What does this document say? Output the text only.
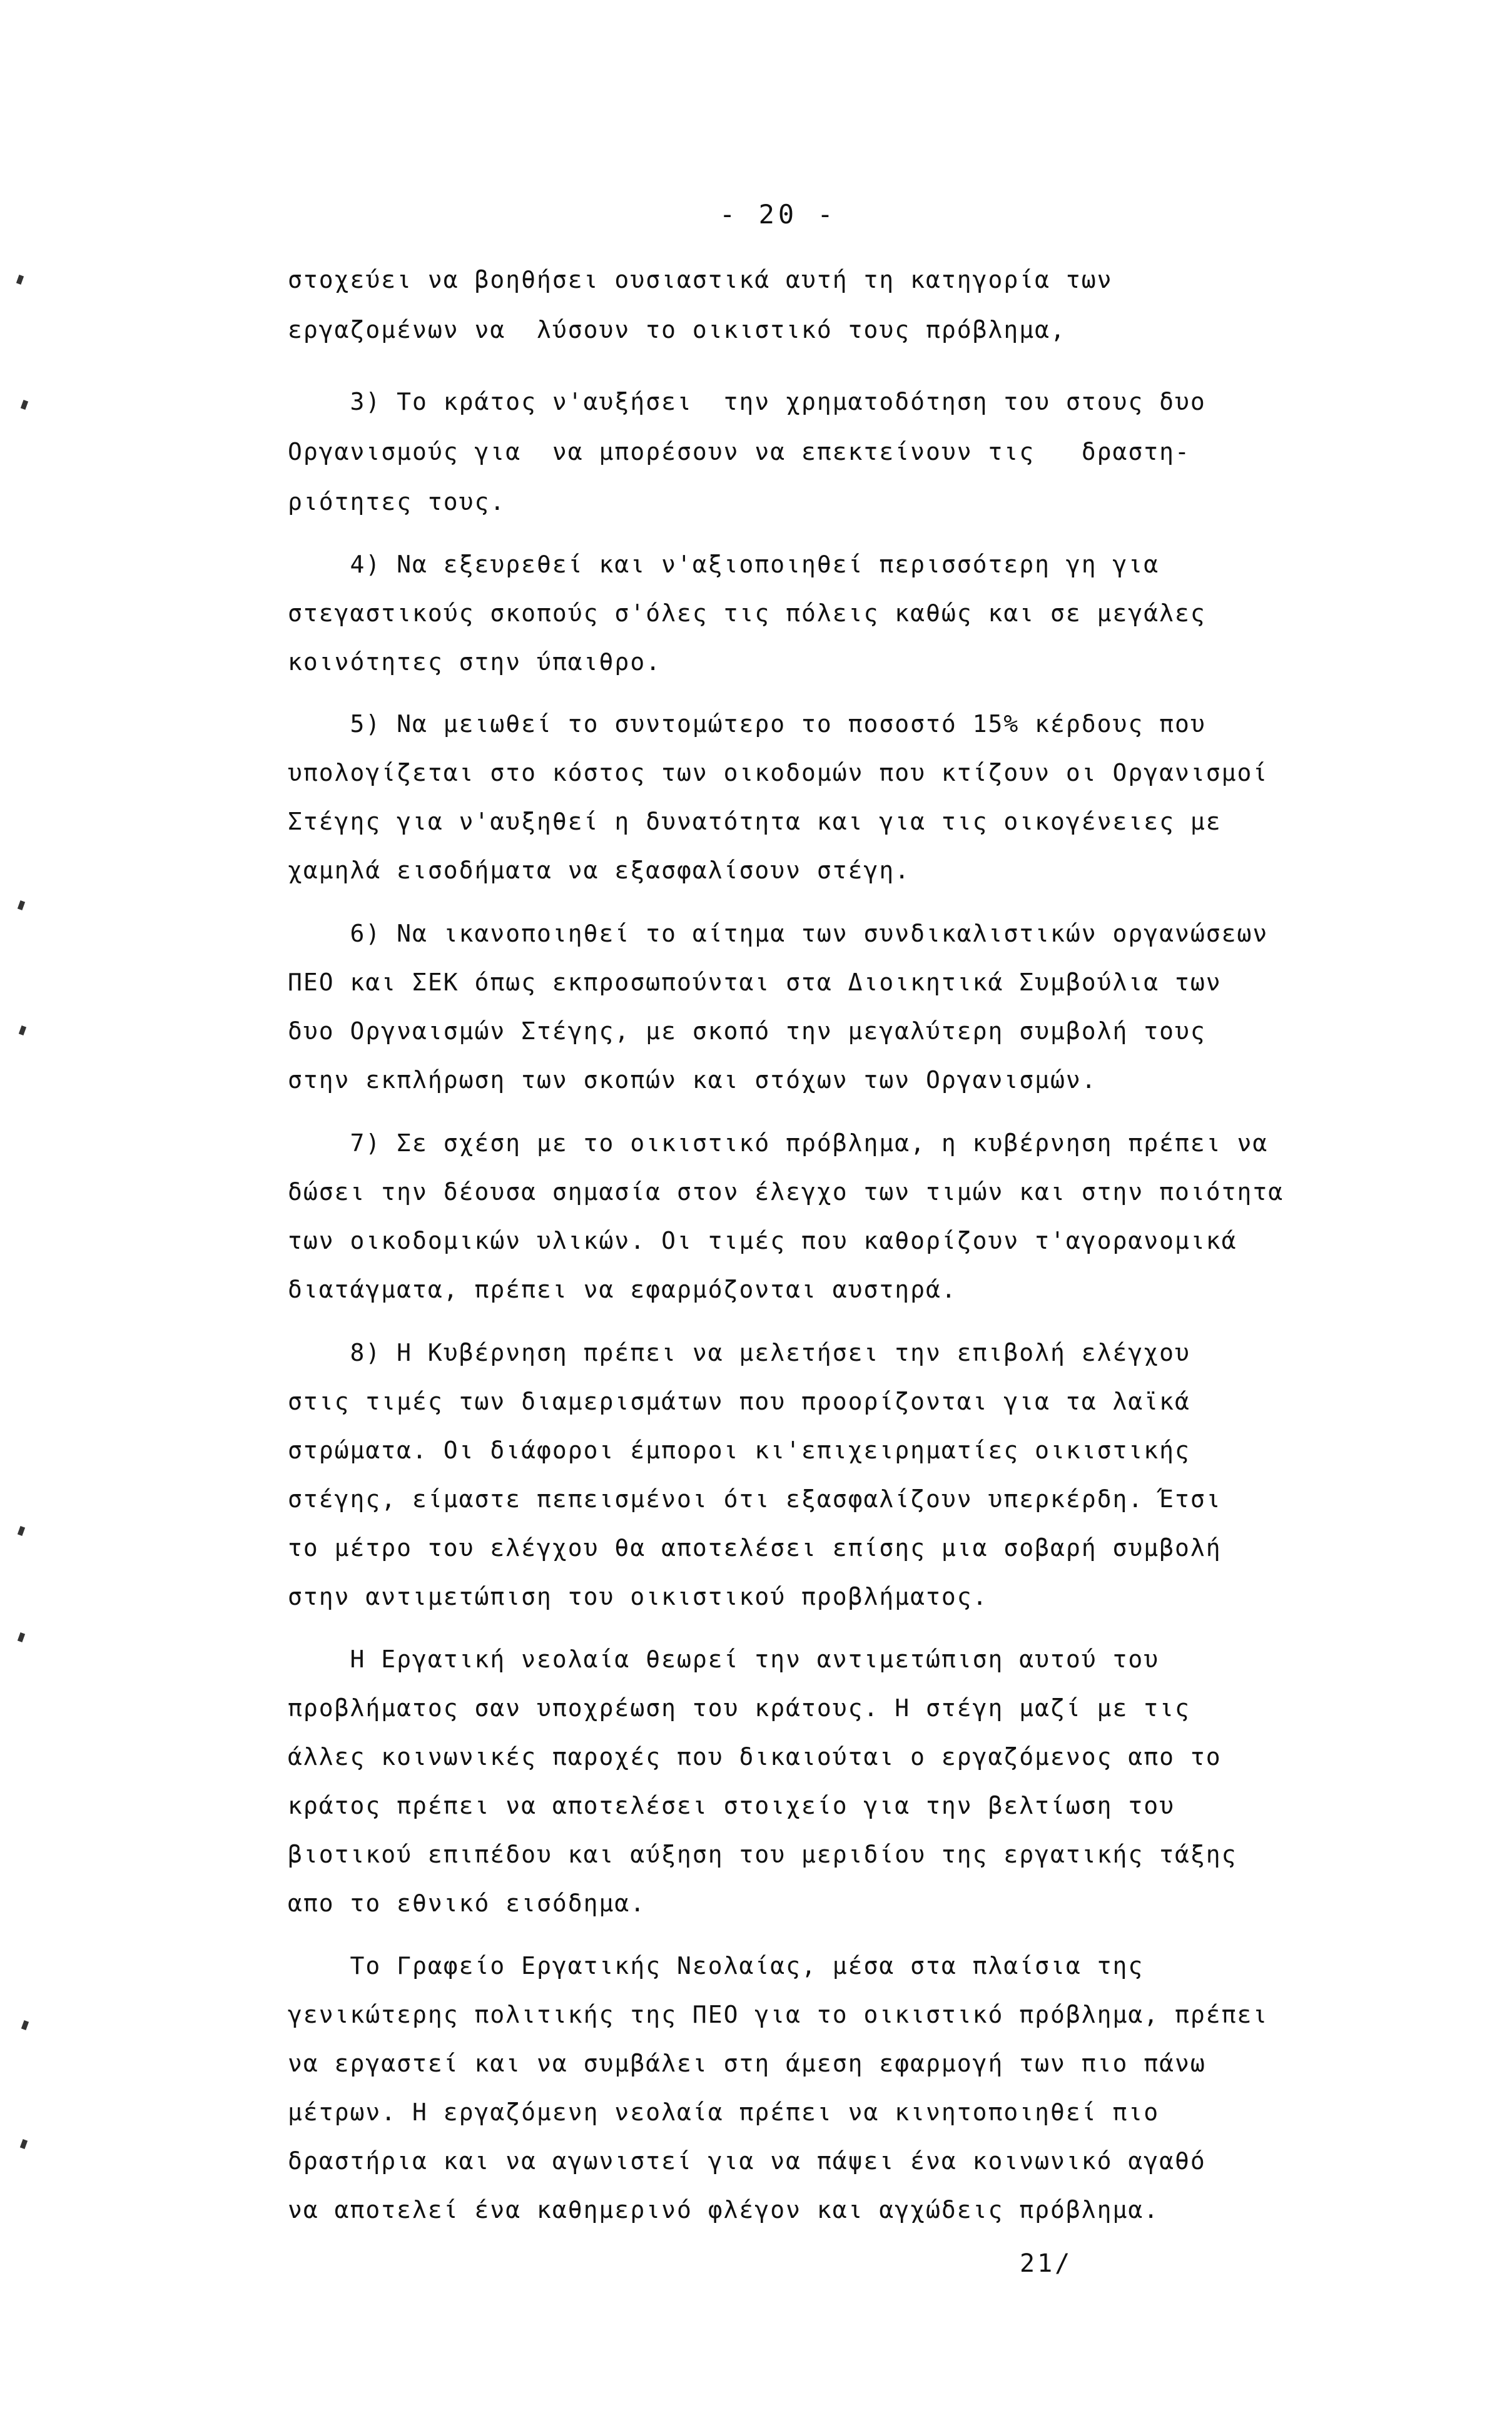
- 20 -

στοχεύει να βοηθήσει ουσιαστικά αυτή τη κατηγορία των

εργαζομένων να  λύσουν το οικιστικό τους πρόβλημα,

3) Το κράτος ν'αυξήσει  την χρηματοδότηση του στους δυο

Οργανισμούς για  να μπορέσουν να επεκτείνουν τις   δραστη-

ριότητες τους.

4) Να εξευρεθεί και ν'αξιοποιηθεί περισσότερη γη για

στεγαστικούς σκοπούς σ'όλες τις πόλεις καθώς και σε μεγάλες

κοινότητες στην ύπαιθρο.

5) Να μειωθεί το συντομώτερο το ποσοστό 15% κέρδους που

υπολογίζεται στο κόστος των οικοδομών που κτίζουν οι Οργανισμοί

Στέγης για ν'αυξηθεί η δυνατότητα και για τις οικογένειες με

χαμηλά εισοδήματα να εξασφαλίσουν στέγη.

6) Να ικανοποιηθεί το αίτημα των συνδικαλιστικών οργανώσεων

ΠΕΟ και ΣΕΚ όπως εκπροσωπούνται στα Διοικητικά Συμβούλια των

δυο Οργναισμών Στέγης, με σκοπό την μεγαλύτερη συμβολή τους

στην εκπλήρωση των σκοπών και στόχων των Οργανισμών.

7) Σε σχέση με το οικιστικό πρόβλημα, η κυβέρνηση πρέπει να

δώσει την δέουσα σημασία στον έλεγχο των τιμών και στην ποιότητα

των οικοδομικών υλικών. Οι τιμές που καθορίζουν τ'αγορανομικά

διατάγματα, πρέπει να εφαρμόζονται αυστηρά.

8) Η Κυβέρνηση πρέπει να μελετήσει την επιβολή ελέγχου

στις τιμές των διαμερισμάτων που προορίζονται για τα λαϊκά

στρώματα. Οι διάφοροι έμποροι κι'επιχειρηματίες οικιστικής

στέγης, είμαστε πεπεισμένοι ότι εξασφαλίζουν υπερκέρδη. Έτσι

το μέτρο του ελέγχου θα αποτελέσει επίσης μια σοβαρή συμβολή

στην αντιμετώπιση του οικιστικού προβλήματος.

Η Εργατική νεολαία θεωρεί την αντιμετώπιση αυτού του

προβλήματος σαν υποχρέωση του κράτους. Η στέγη μαζί με τις

άλλες κοινωνικές παροχές που δικαιούται ο εργαζόμενος απο το

κράτος πρέπει να αποτελέσει στοιχείο για την βελτίωση του

βιοτικού επιπέδου και αύξηση του μεριδίου της εργατικής τάξης

απο το εθνικό εισόδημα.

Το Γραφείο Εργατικής Νεολαίας, μέσα στα πλαίσια της

γενικώτερης πολιτικής της ΠΕΟ για το οικιστικό πρόβλημα, πρέπει

να εργαστεί και να συμβάλει στη άμεση εφαρμογή των πιο πάνω

μέτρων. Η εργαζόμενη νεολαία πρέπει να κινητοποιηθεί πιο

δραστήρια και να αγωνιστεί για να πάψει ένα κοινωνικό αγαθό

να αποτελεί ένα καθημερινό φλέγον και αγχώδεις πρόβλημα.

21/
